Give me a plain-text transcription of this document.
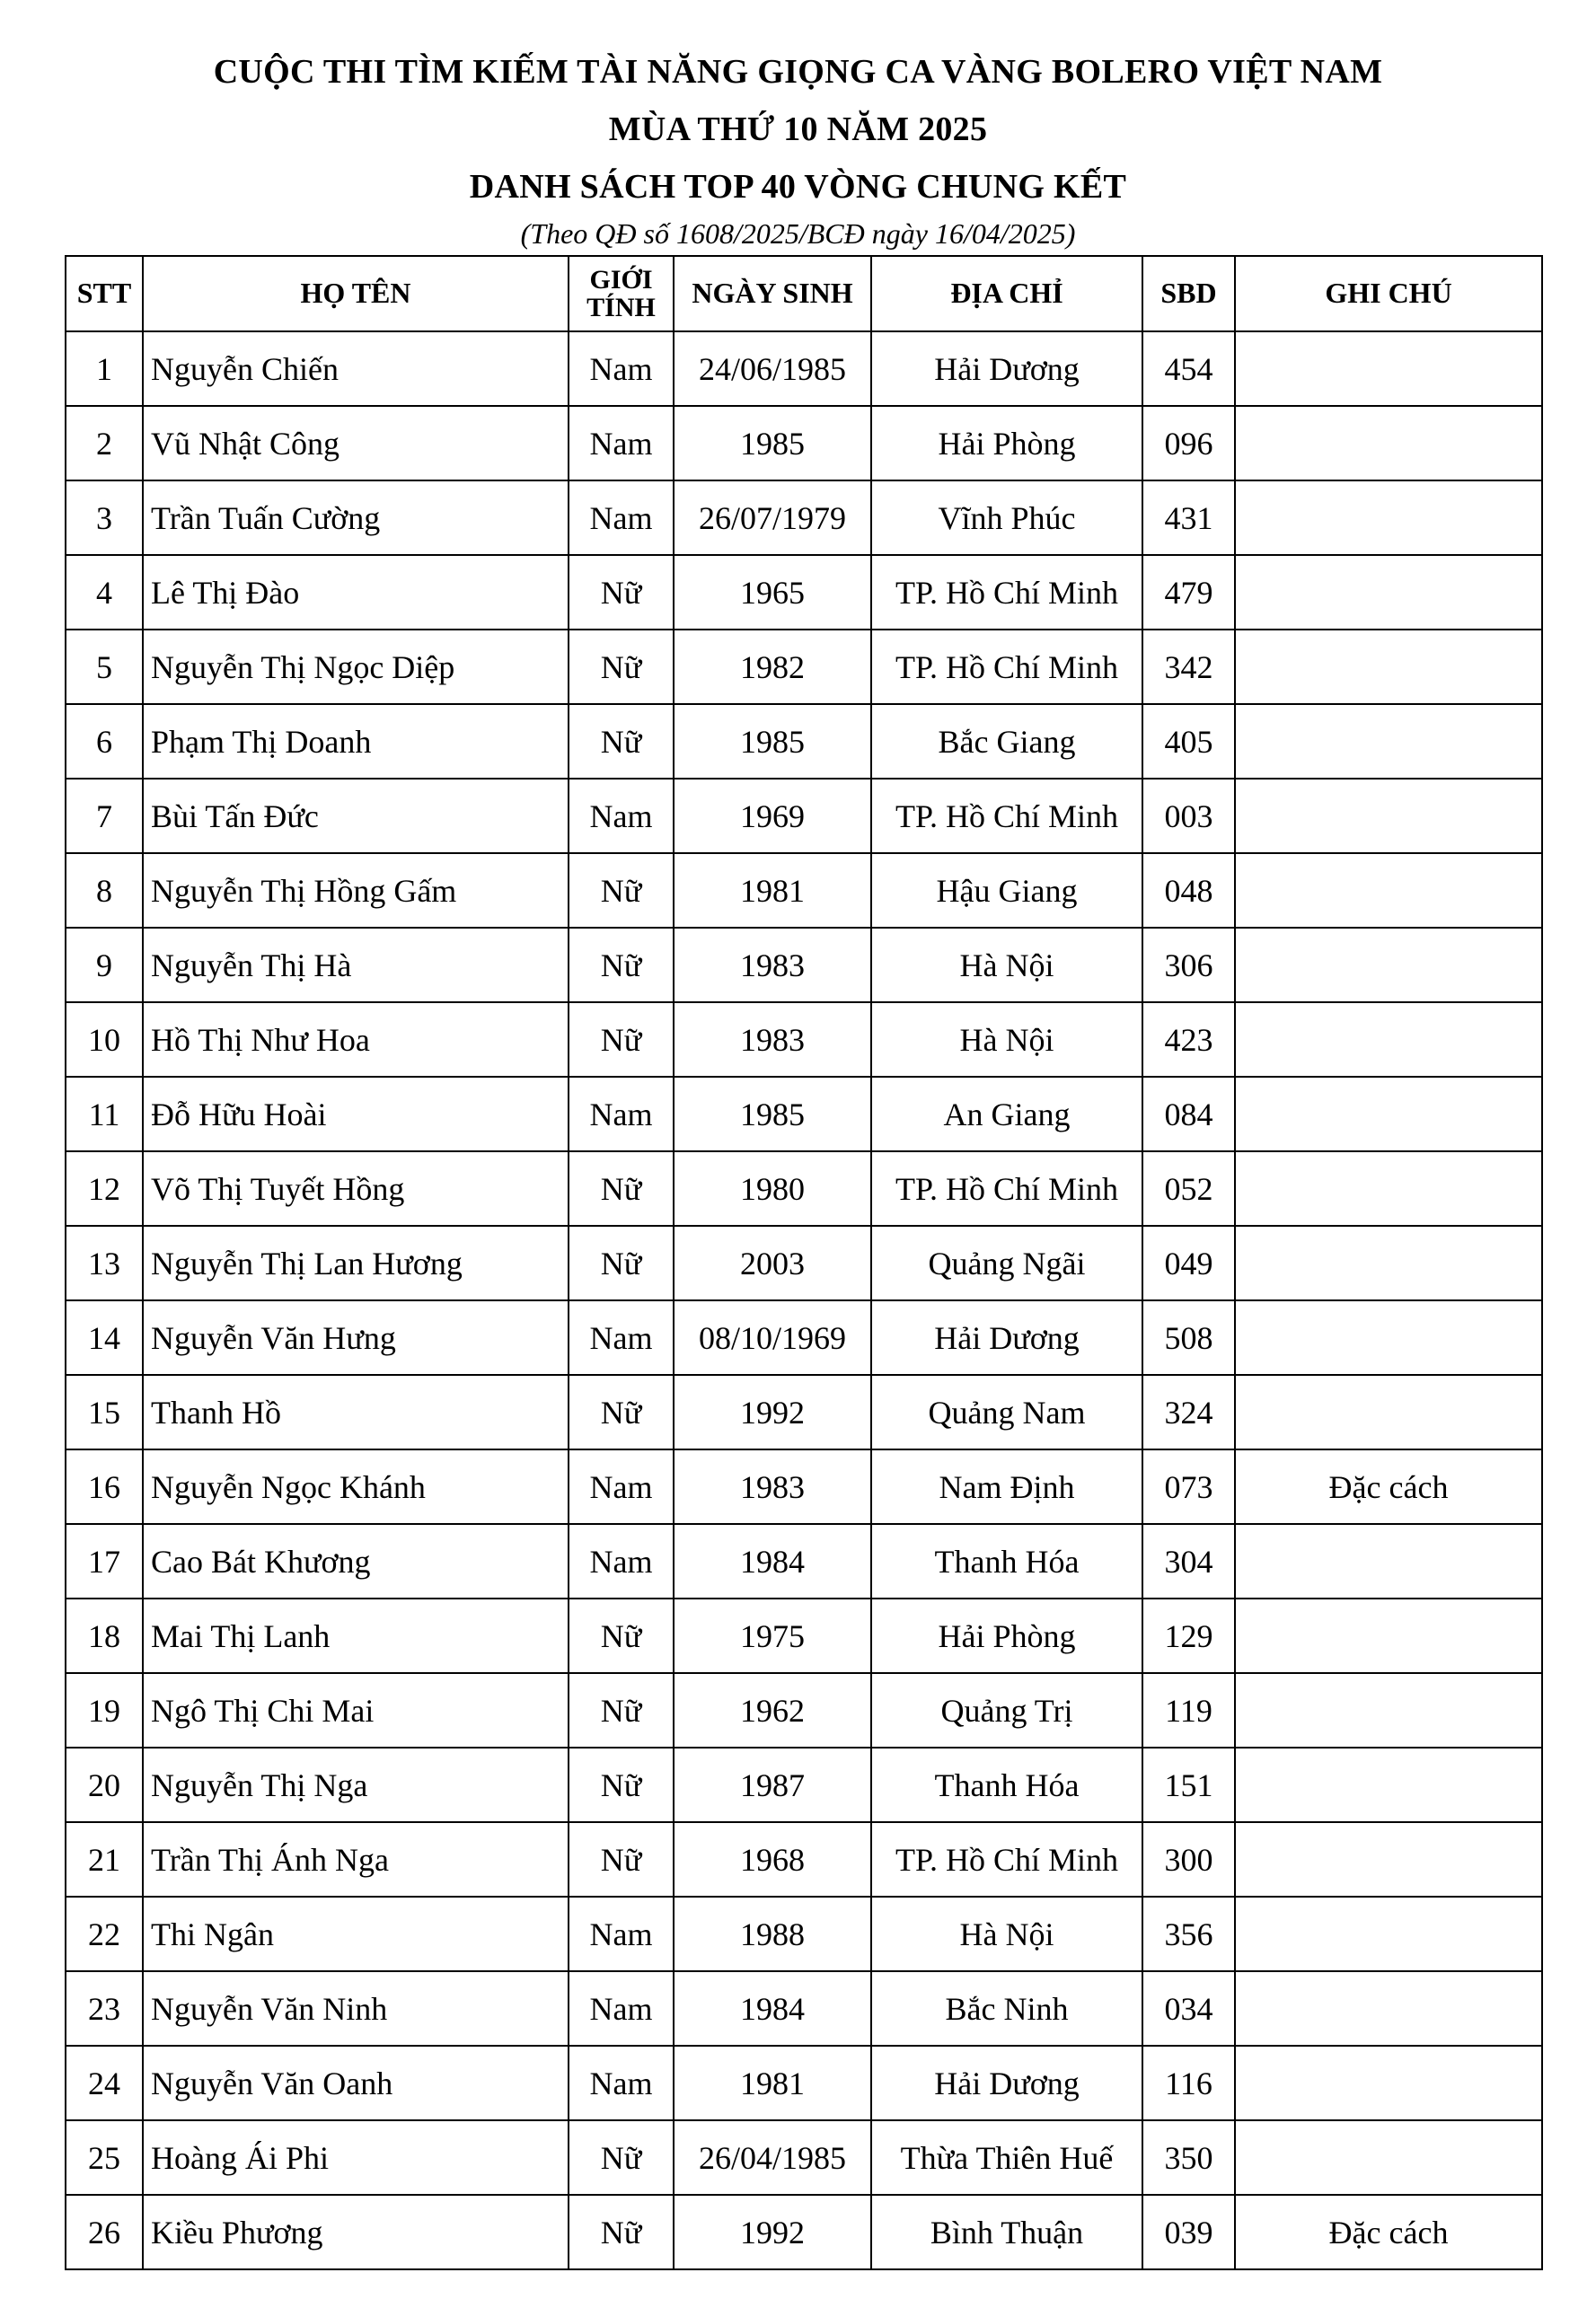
CUỘC THI TÌM KIẾM TÀI NĂNG GIỌNG CA VÀNG BOLERO VIỆT NAM
MÙA THỨ 10 NĂM 2025
DANH SÁCH TOP 40 VÒNG CHUNG KẾT
(Theo QĐ số 1608/2025/BCĐ ngày 16/04/2025)
STT	HỌ TÊN	GIỚI TÍNH	NGÀY SINH	ĐỊA CHỈ	SBD	GHI CHÚ
1	Nguyễn Chiến	Nam	24/06/1985	Hải Dương	454	
2	Vũ Nhật Công	Nam	1985	Hải Phòng	096	
3	Trần Tuấn Cường	Nam	26/07/1979	Vĩnh Phúc	431	
4	Lê Thị Đào	Nữ	1965	TP. Hồ Chí Minh	479	
5	Nguyễn Thị Ngọc Diệp	Nữ	1982	TP. Hồ Chí Minh	342	
6	Phạm Thị Doanh	Nữ	1985	Bắc Giang	405	
7	Bùi Tấn Đức	Nam	1969	TP. Hồ Chí Minh	003	
8	Nguyễn Thị Hồng Gấm	Nữ	1981	Hậu Giang	048	
9	Nguyễn Thị Hà	Nữ	1983	Hà Nội	306	
10	Hồ Thị Như Hoa	Nữ	1983	Hà Nội	423	
11	Đỗ Hữu Hoài	Nam	1985	An Giang	084	
12	Võ Thị Tuyết Hồng	Nữ	1980	TP. Hồ Chí Minh	052	
13	Nguyễn Thị Lan Hương	Nữ	2003	Quảng Ngãi	049	
14	Nguyễn Văn Hưng	Nam	08/10/1969	Hải Dương	508	
15	Thanh Hồ	Nữ	1992	Quảng Nam	324	
16	Nguyễn Ngọc Khánh	Nam	1983	Nam Định	073	Đặc cách
17	Cao Bát Khương	Nam	1984	Thanh Hóa	304	
18	Mai Thị Lanh	Nữ	1975	Hải Phòng	129	
19	Ngô Thị Chi Mai	Nữ	1962	Quảng Trị	119	
20	Nguyễn Thị Nga	Nữ	1987	Thanh Hóa	151	
21	Trần Thị Ánh Nga	Nữ	1968	TP. Hồ Chí Minh	300	
22	Thi Ngân	Nam	1988	Hà Nội	356	
23	Nguyễn Văn Ninh	Nam	1984	Bắc Ninh	034	
24	Nguyễn Văn Oanh	Nam	1981	Hải Dương	116	
25	Hoàng Ái Phi	Nữ	26/04/1985	Thừa Thiên Huế	350	
26	Kiều Phương	Nữ	1992	Bình Thuận	039	Đặc cách
